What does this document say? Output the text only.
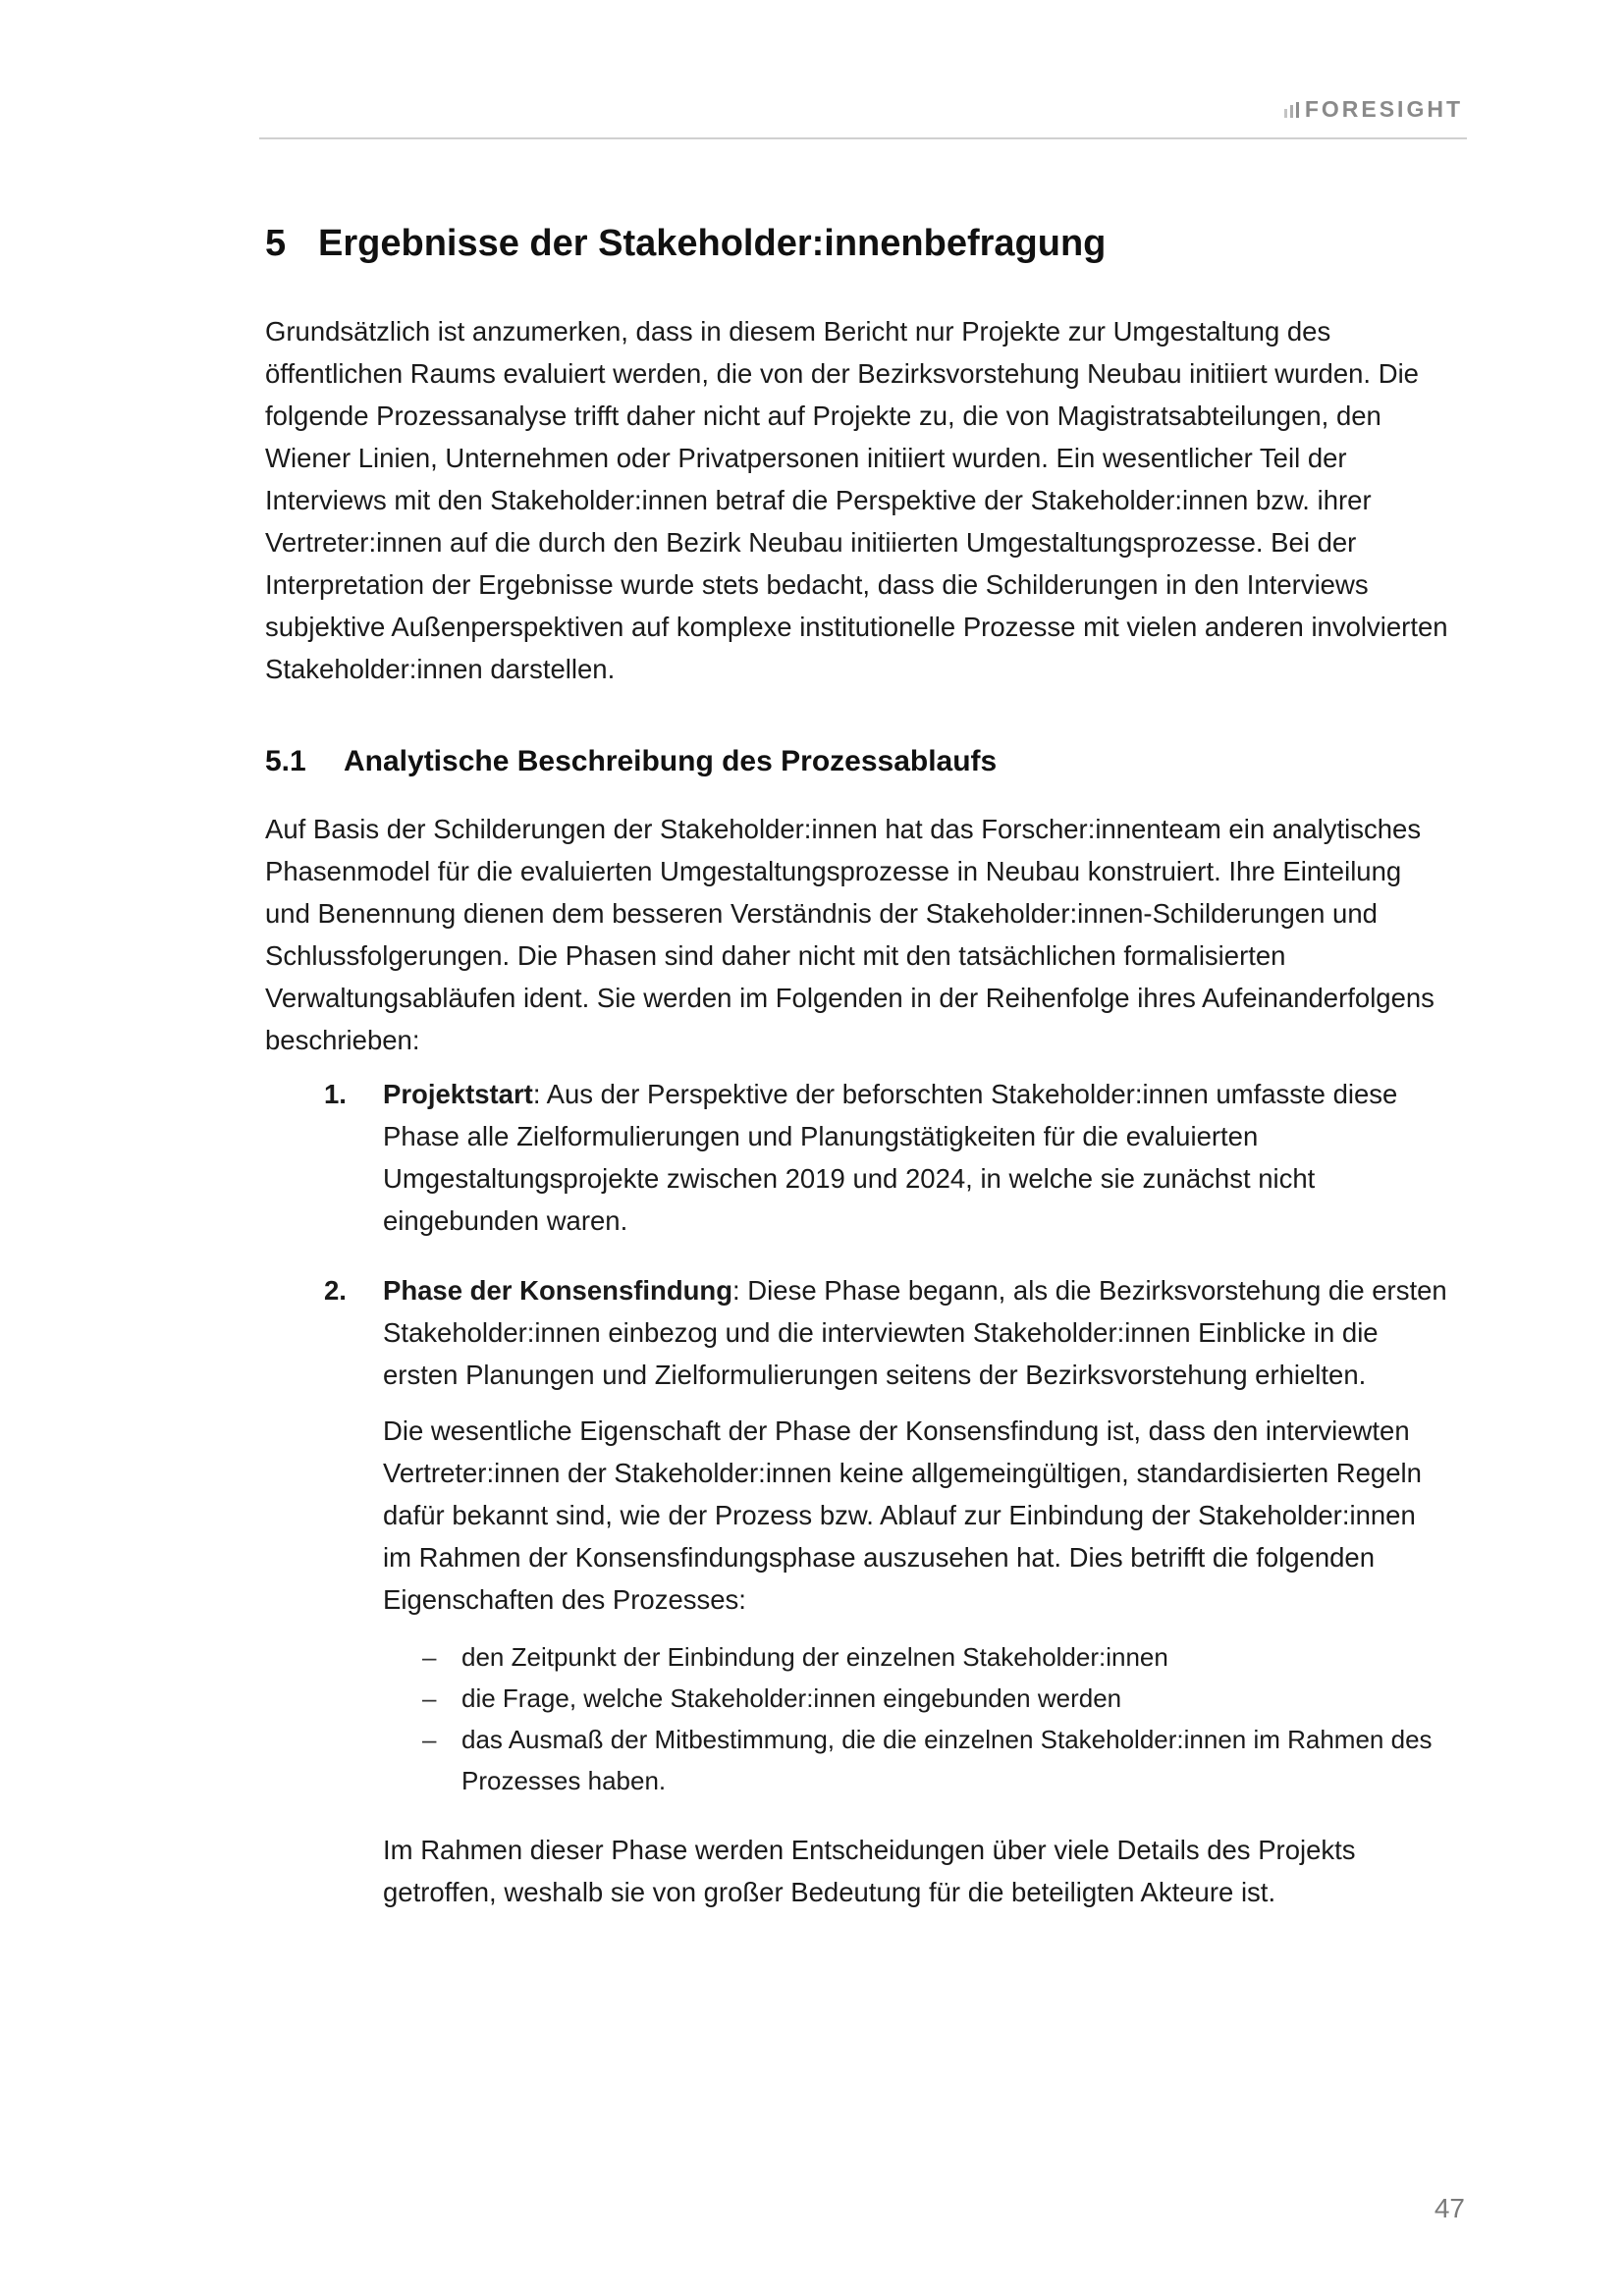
FORESIGHT
5 Ergebnisse der Stakeholder:innenbefragung

Grundsätzlich ist anzumerken, dass in diesem Bericht nur Projekte zur Umgestaltung des öffentlichen Raums evaluiert werden, die von der Bezirksvorstehung Neubau initiiert wurden. Die folgende Prozessanalyse trifft daher nicht auf Projekte zu, die von Magistratsabteilungen, den Wiener Linien, Unternehmen oder Privatpersonen initiiert wurden. Ein wesentlicher Teil der Interviews mit den Stakeholder:innen betraf die Perspektive der Stakeholder:innen bzw. ihrer Vertreter:innen auf die durch den Bezirk Neubau initiierten Umgestaltungsprozesse. Bei der Interpretation der Ergebnisse wurde stets bedacht, dass die Schilderungen in den Interviews subjektive Außenperspektiven auf komplexe institutionelle Prozesse mit vielen anderen involvierten Stakeholder:innen darstellen.

5.1	Analytische Beschreibung des Prozessablaufs

Auf Basis der Schilderungen der Stakeholder:innen hat das Forscher:innenteam ein analytisches Phasenmodel für die evaluierten Umgestaltungsprozesse in Neubau konstruiert. Ihre Einteilung und Benennung dienen dem besseren Verständnis der Stakeholder:innen-Schilderungen und Schlussfolgerungen. Die Phasen sind daher nicht mit den tatsächlichen formalisierten Verwaltungsabläufen ident. Sie werden im Folgenden in der Reihenfolge ihres Aufeinanderfolgens beschrieben:

1.	Projektstart: Aus der Perspektive der beforschten Stakeholder:innen umfasste diese Phase alle Zielformulierungen und Planungstätigkeiten für die evaluierten Umgestaltungsprojekte zwischen 2019 und 2024, in welche sie zunächst nicht eingebunden waren.

2.	Phase der Konsensfindung: Diese Phase begann, als die Bezirksvorstehung die ersten Stakeholder:innen einbezog und die interviewten Stakeholder:innen Einblicke in die ersten Planungen und Zielformulierungen seitens der Bezirksvorstehung erhielten.

Die wesentliche Eigenschaft der Phase der Konsensfindung ist, dass den interviewten Vertreter:innen der Stakeholder:innen keine allgemeingültigen, standardisierten Regeln dafür bekannt sind, wie der Prozess bzw. Ablauf zur Einbindung der Stakeholder:innen im Rahmen der Konsensfindungsphase auszusehen hat. Dies betrifft die folgenden Eigenschaften des Prozesses:

– den Zeitpunkt der Einbindung der einzelnen Stakeholder:innen
– die Frage, welche Stakeholder:innen eingebunden werden
– das Ausmaß der Mitbestimmung, die die einzelnen Stakeholder:innen im Rahmen des Prozesses haben.

Im Rahmen dieser Phase werden Entscheidungen über viele Details des Projekts getroffen, weshalb sie von großer Bedeutung für die beteiligten Akteure ist.

47
